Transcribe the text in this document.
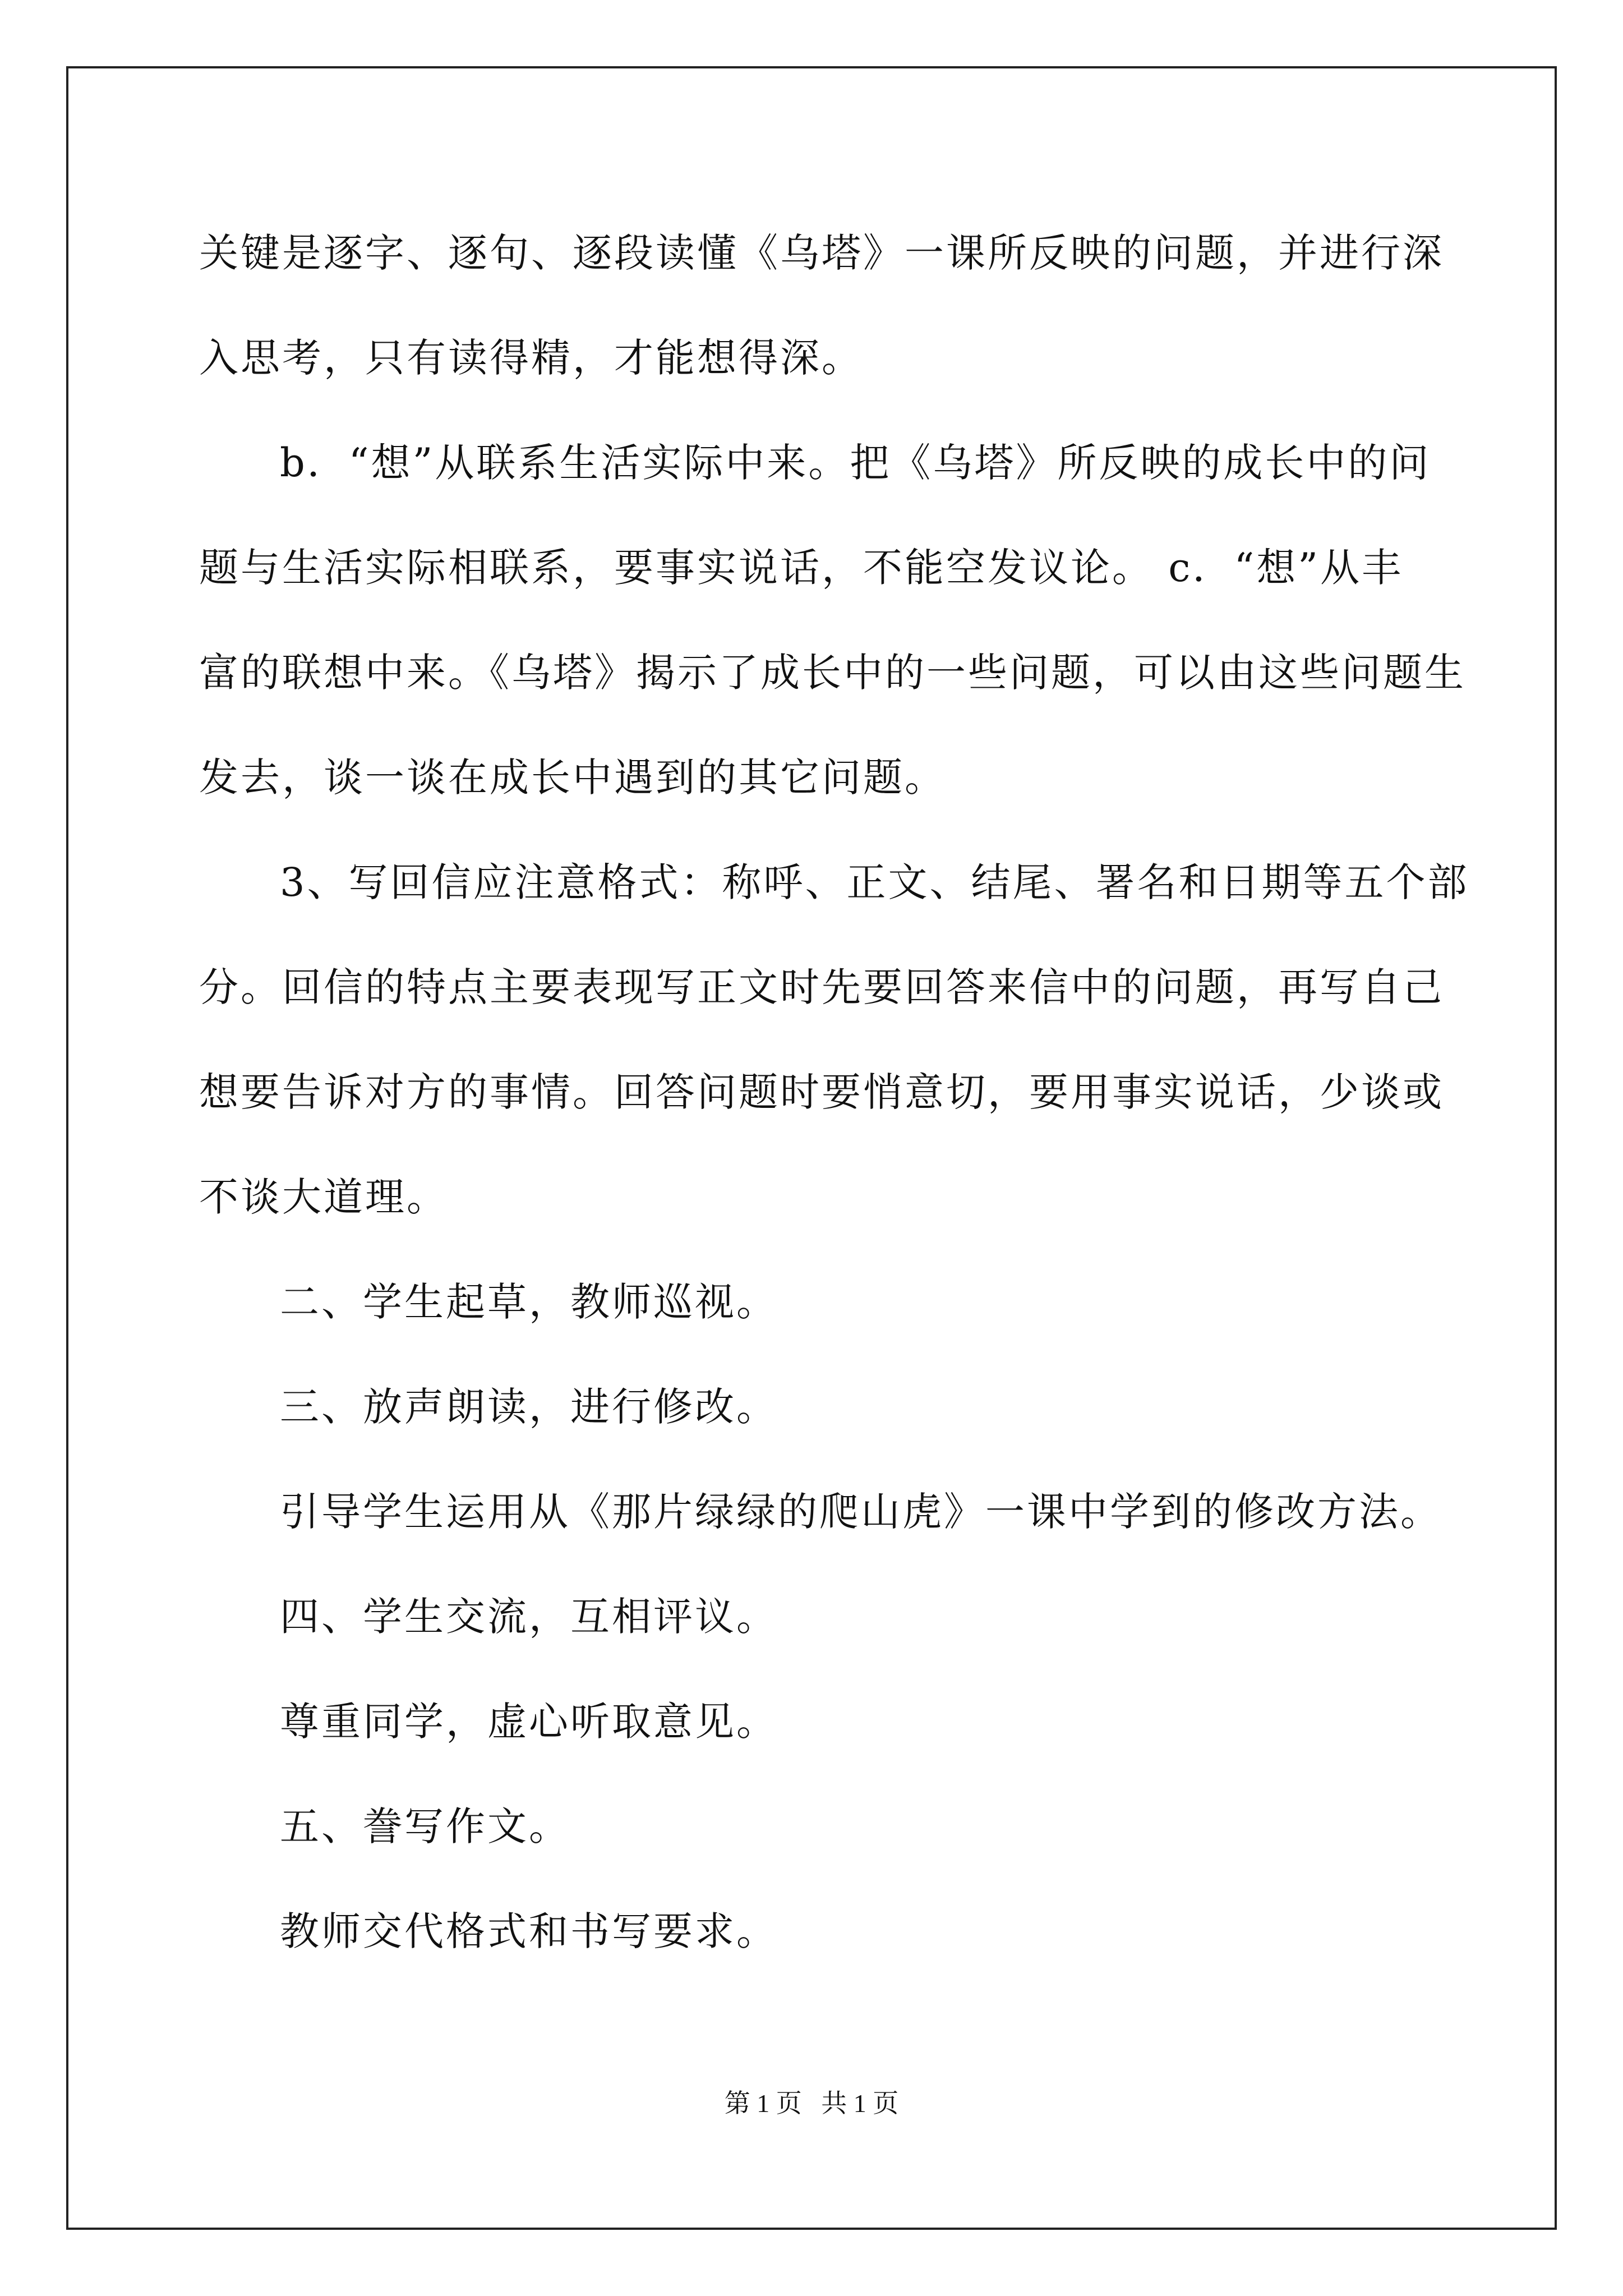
关键是逐字、逐句、逐段读懂《乌塔》一课所反映的问题，并进行深

入思考，只有读得精，才能想得深。

b．“想”从联系生活实际中来。把《乌塔》所反映的成长中的问

题与生活实际相联系，要事实说话，不能空发议论。 c．“想”从丰

富的联想中来。《乌塔》揭示了成长中的一些问题，可以由这些问题生

发去，谈一谈在成长中遇到的其它问题。

3、写回信应注意格式：称呼、正文、结尾、署名和日期等五个部

分。回信的特点主要表现写正文时先要回答来信中的问题，再写自己

想要告诉对方的事情。回答问题时要悄意切，要用事实说话，少谈或

不谈大道理。

二、学生起草，教师巡视。

三、放声朗读，进行修改。

引导学生运用从《那片绿绿的爬山虎》一课中学到的修改方法。

四、学生交流，互相评议。

尊重同学，虚心听取意见。

五、誊写作文。

教师交代格式和书写要求。

第 1 页   共 1 页
